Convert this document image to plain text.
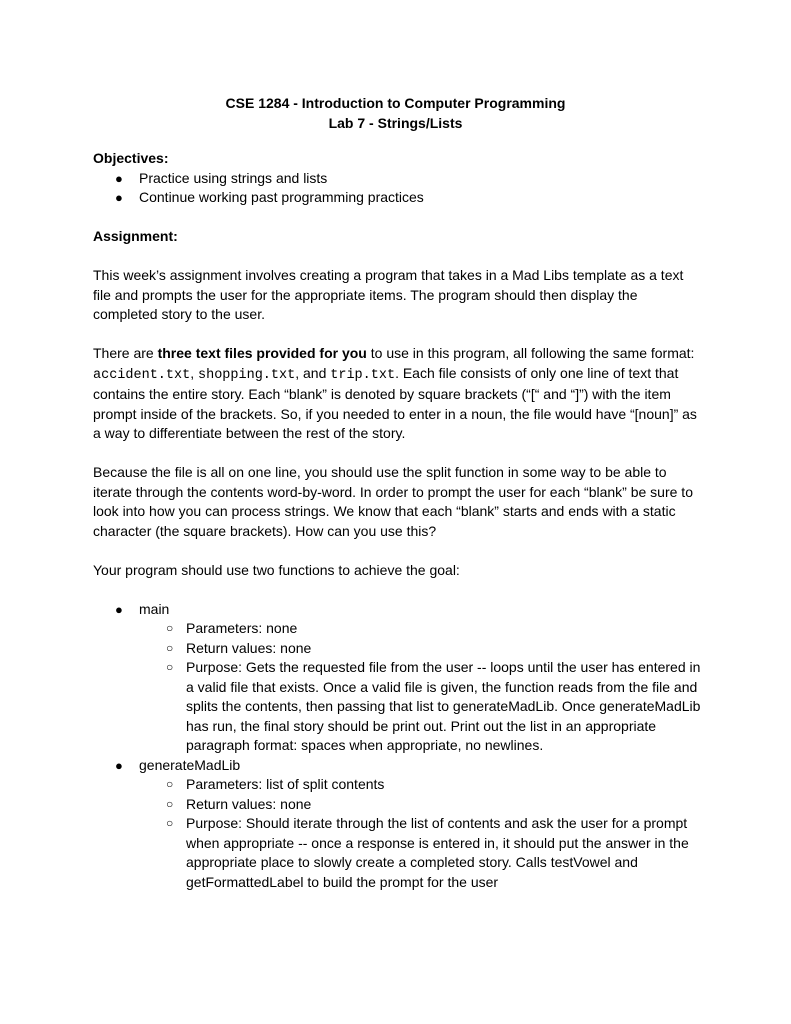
CSE 1284 - Introduction to Computer Programming
Lab 7 - Strings/Lists

Objectives:

● Practice using strings and lists
● Continue working past programming practices

Assignment:

This week’s assignment involves creating a program that takes in a Mad Libs template as a text file and prompts the user for the appropriate items. The program should then display the completed story to the user.

There are three text files provided for you to use in this program, all following the same format: accident.txt, shopping.txt, and trip.txt. Each file consists of only one line of text that contains the entire story. Each “blank” is denoted by square brackets (“[“ and “]”) with the item prompt inside of the brackets. So, if you needed to enter in a noun, the file would have “[noun]” as a way to differentiate between the rest of the story.

Because the file is all on one line, you should use the split function in some way to be able to iterate through the contents word-by-word. In order to prompt the user for each “blank” be sure to look into how you can process strings. We know that each “blank” starts and ends with a static character (the square brackets). How can you use this?

Your program should use two functions to achieve the goal:

● main
○ Parameters: none
○ Return values: none
○ Purpose: Gets the requested file from the user -- loops until the user has entered in a valid file that exists. Once a valid file is given, the function reads from the file and splits the contents, then passing that list to generateMadLib. Once generateMadLib has run, the final story should be print out. Print out the list in an appropriate paragraph format: spaces when appropriate, no newlines.
● generateMadLib
○ Parameters: list of split contents
○ Return values: none
○ Purpose: Should iterate through the list of contents and ask the user for a prompt when appropriate -- once a response is entered in, it should put the answer in the appropriate place to slowly create a completed story. Calls testVowel and getFormattedLabel to build the prompt for the user
